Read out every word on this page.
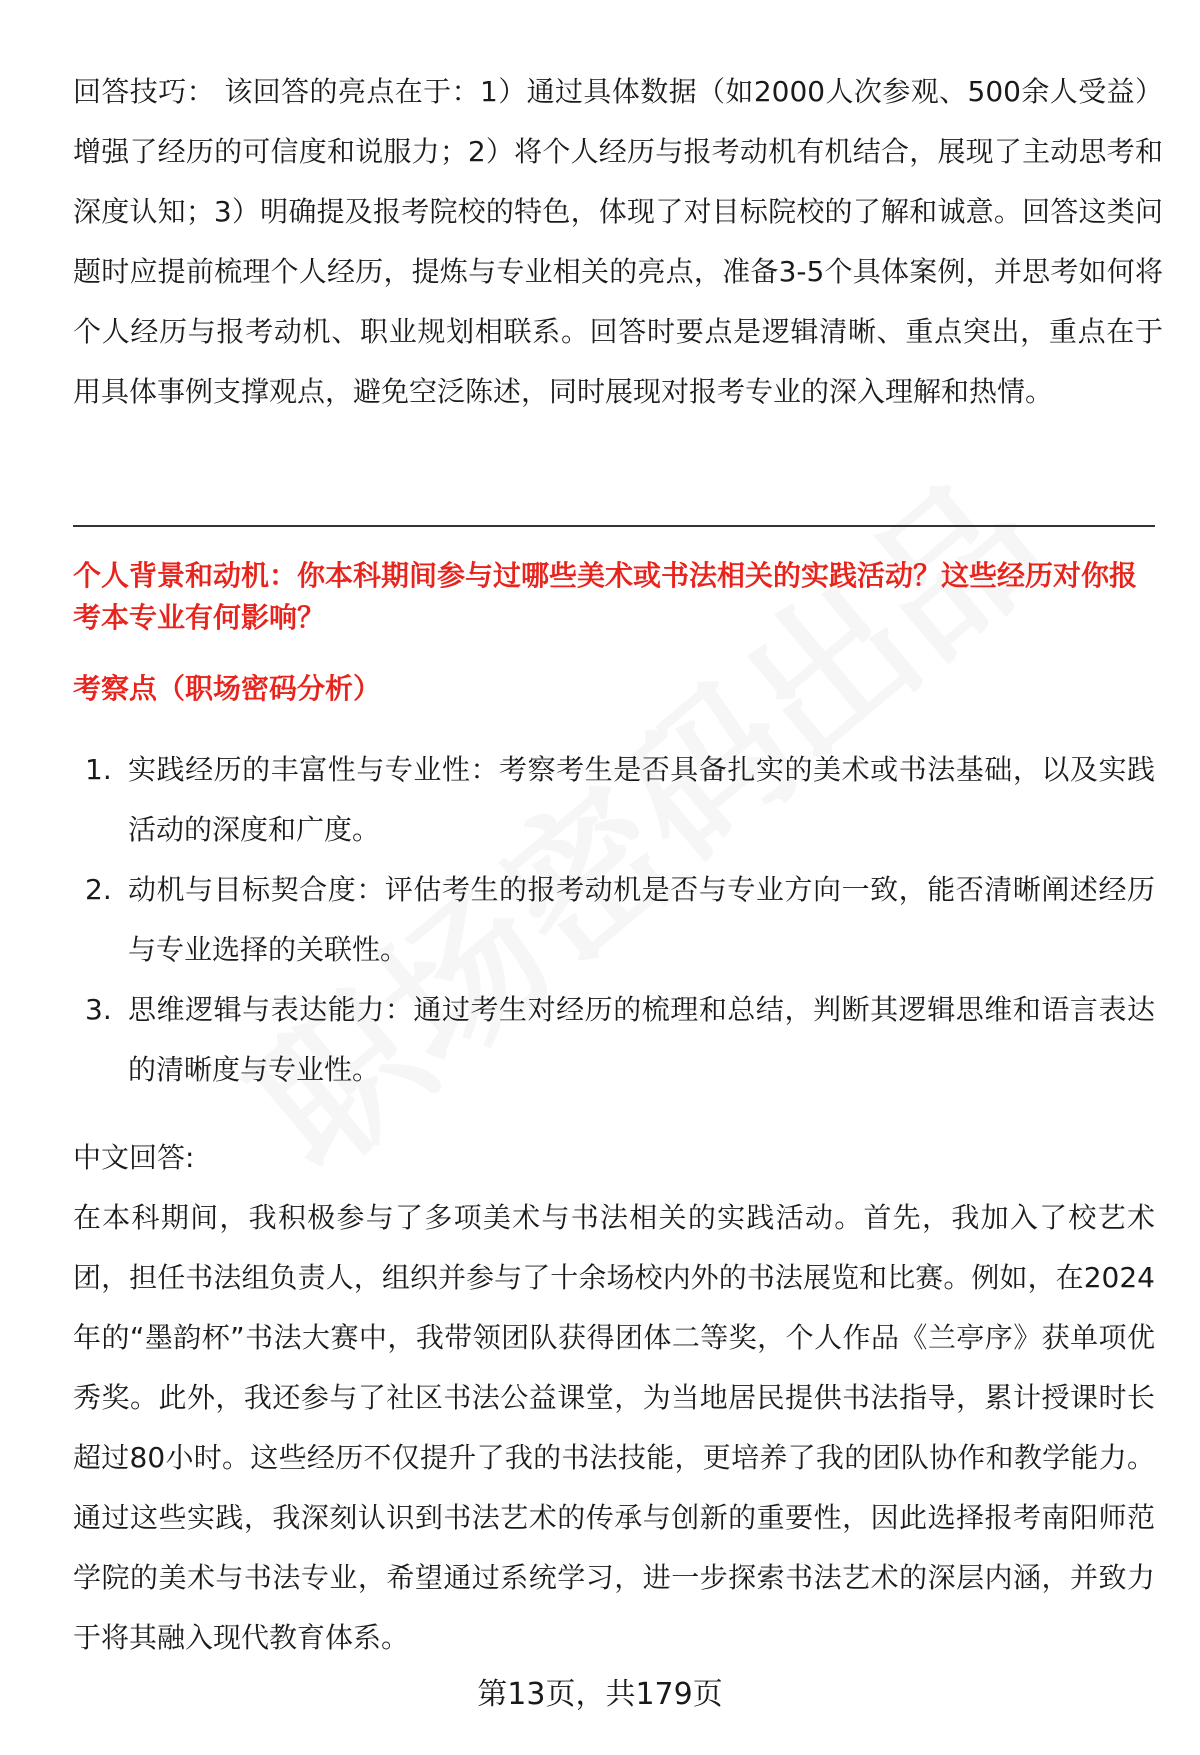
回答技巧： 该回答的亮点在于：1）通过具体数据（如2000人次参观、500余人受益）增强了经历的可信度和说服力；2）将个人经历与报考动机有机结合，展现了主动思考和深度认知；3）明确提及报考院校的特色，体现了对目标院校的了解和诚意。回答这类问题时应提前梳理个人经历，提炼与专业相关的亮点，准备3-5个具体案例，并思考如何将个人经历与报考动机、职业规划相联系。回答时要点是逻辑清晰、重点突出，重点在于用具体事例支撑观点，避免空泛陈述，同时展现对报考专业的深入理解和热情。

个人背景和动机：你本科期间参与过哪些美术或书法相关的实践活动？这些经历对你报考本专业有何影响？

考察点（职场密码分析）

1. 实践经历的丰富性与专业性：考察考生是否具备扎实的美术或书法基础，以及实践活动的深度和广度。
2. 动机与目标契合度：评估考生的报考动机是否与专业方向一致，能否清晰阐述经历与专业选择的关联性。
3. 思维逻辑与表达能力：通过考生对经历的梳理和总结，判断其逻辑思维和语言表达的清晰度与专业性。

中文回答:

在本科期间，我积极参与了多项美术与书法相关的实践活动。首先，我加入了校艺术团，担任书法组负责人，组织并参与了十余场校内外的书法展览和比赛。例如，在2024年的“墨韵杯”书法大赛中，我带领团队获得团体二等奖，个人作品《兰亭序》获单项优秀奖。此外，我还参与了社区书法公益课堂，为当地居民提供书法指导，累计授课时长超过80小时。这些经历不仅提升了我的书法技能，更培养了我的团队协作和教学能力。通过这些实践，我深刻认识到书法艺术的传承与创新的重要性，因此选择报考南阳师范学院的美术与书法专业，希望通过系统学习，进一步探索书法艺术的深层内涵，并致力于将其融入现代教育体系。

第13页，共179页
